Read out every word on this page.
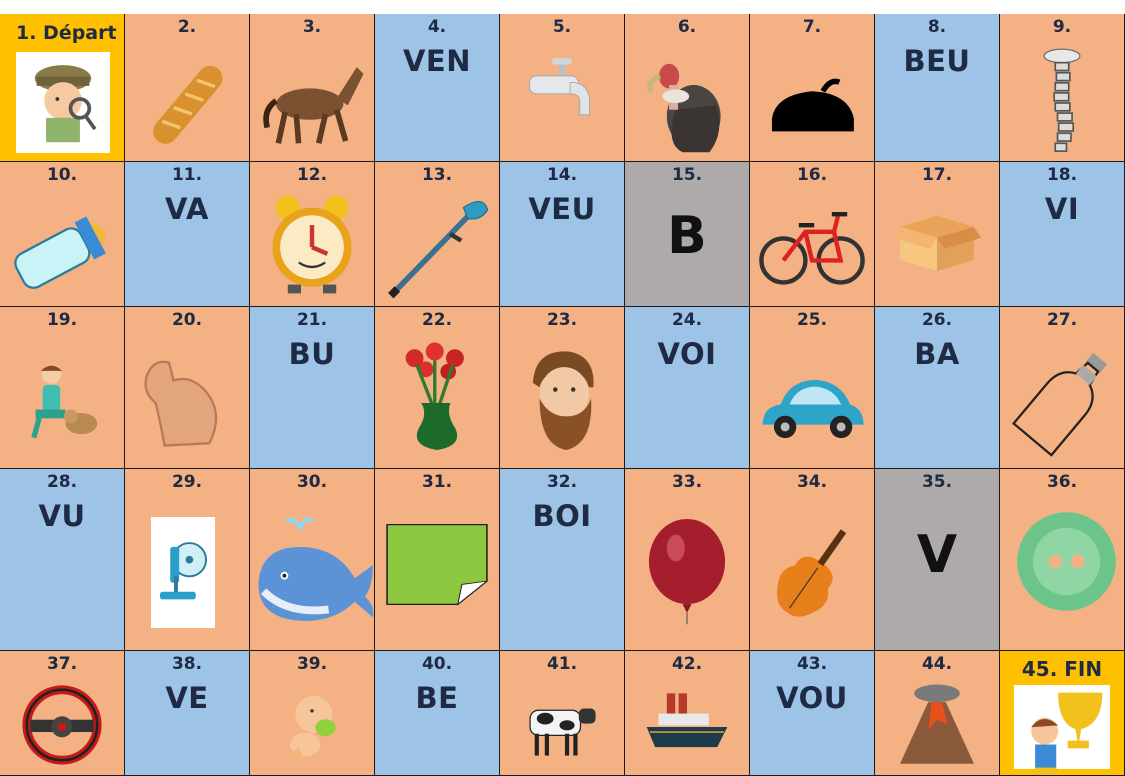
1. Départ	2.	3.	4.
VEN
5.	6.	7.	8.
BEU
9.
10.	11.
VA
12.	13.	14.
VEU
15.
B
16.	17.	18.
VI
19.	20.	21.
BU
22.	23.	24.
VOI
25.	26.
BA
27.
28.
VU
29.	30.	31.	32.
BOI
33.	34.	35.
V
36.
37.	38.
VE
39.	40.
BE
41.	42.	43.
VOU
44.	45. FIN
